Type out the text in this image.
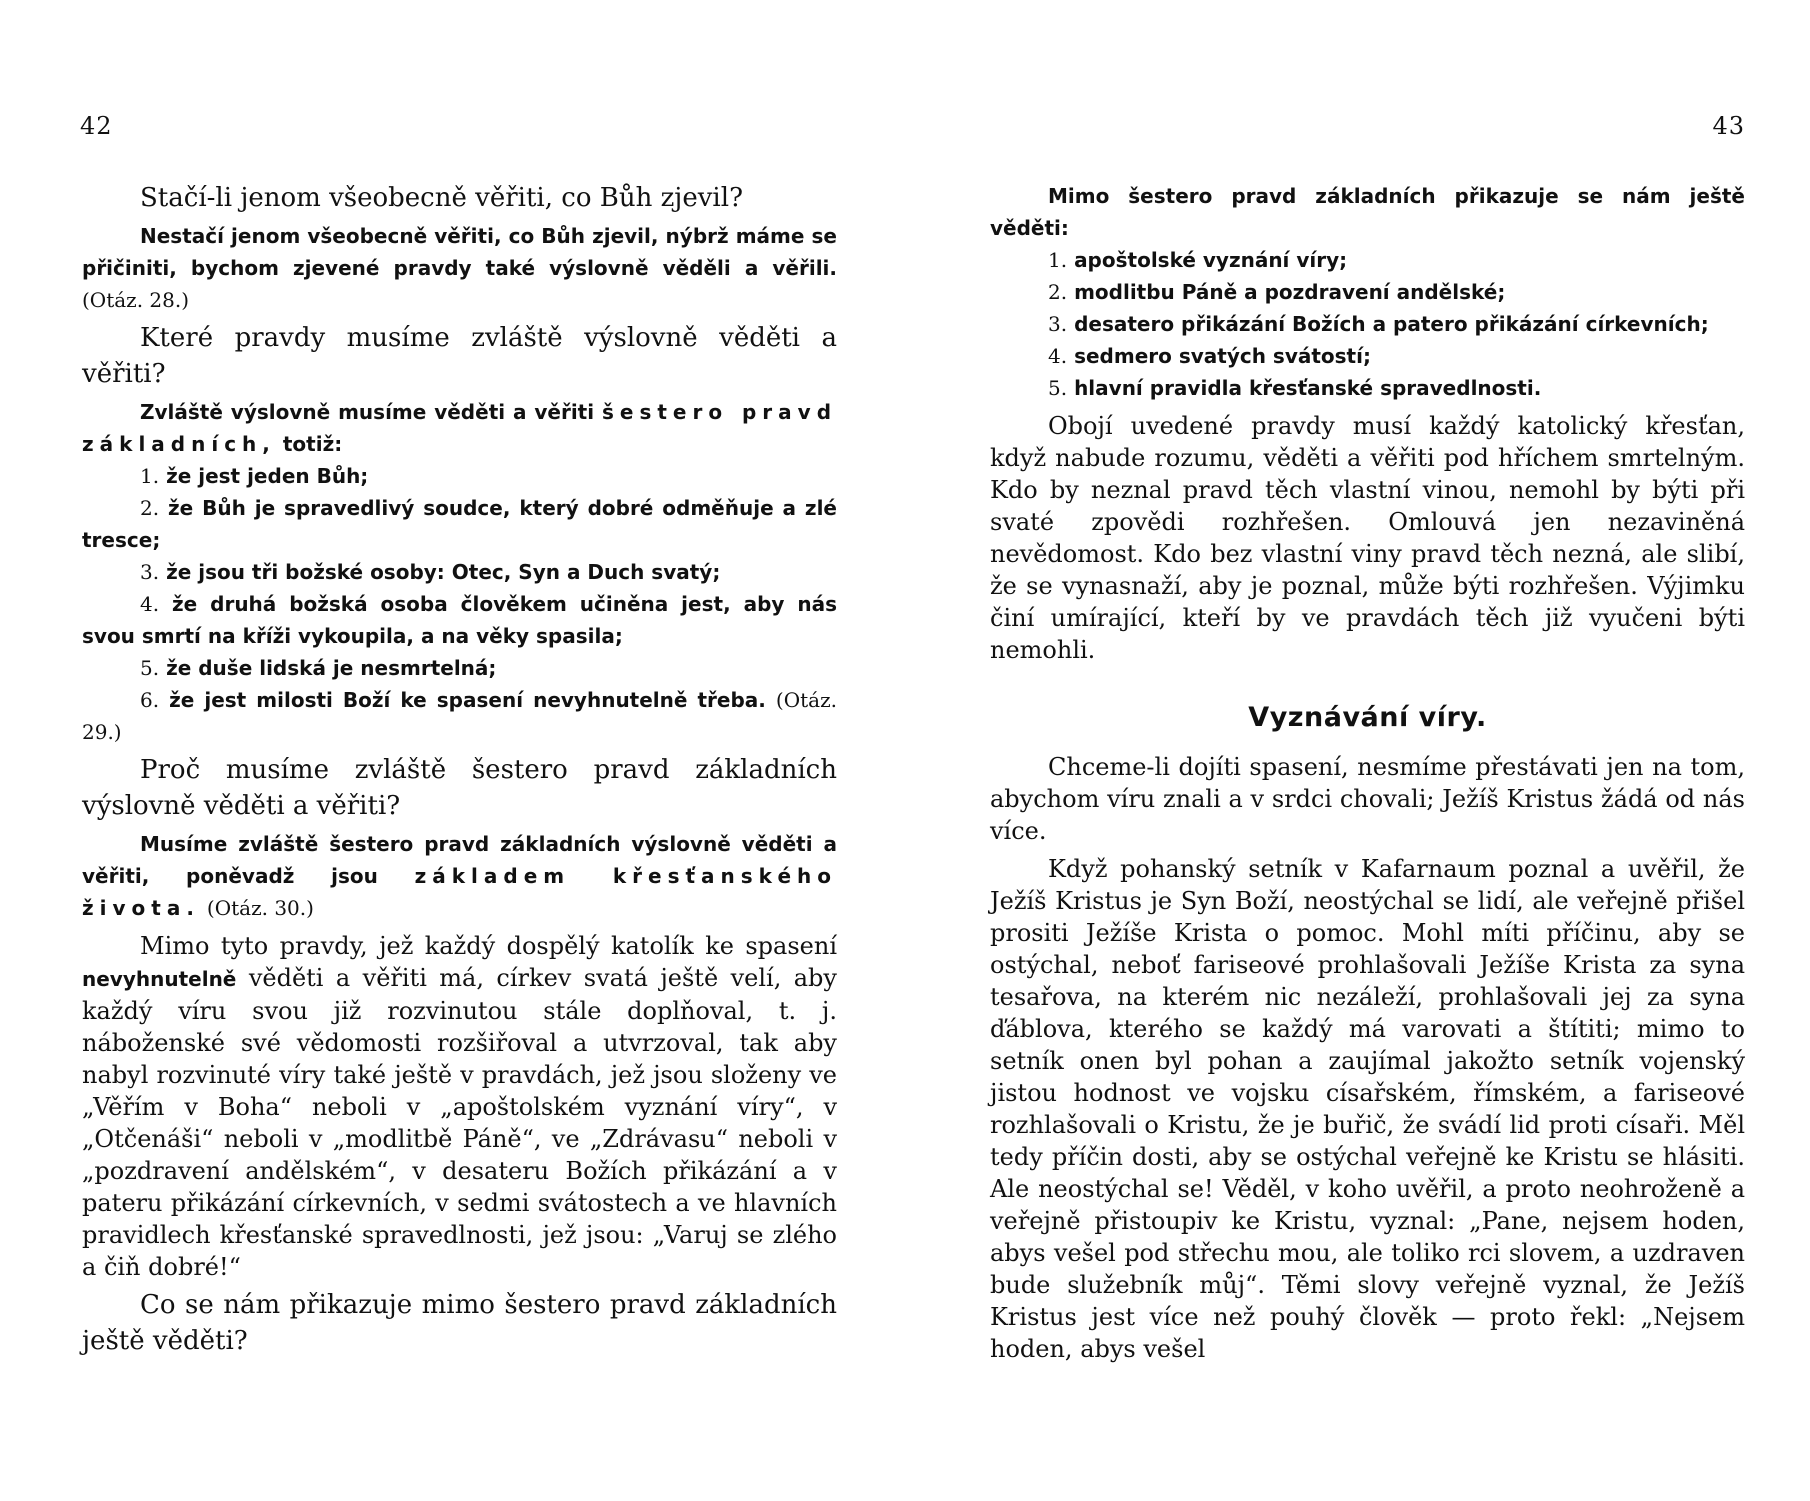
42

Stačí-li jenom všeobecně věřiti, co Bůh zjevil?

Nestačí jenom všeobecně věřiti, co Bůh zjevil, nýbrž máme se přičiniti, bychom zjevené pravdy také výslovně věděli a věřili. (Otáz. 28.)

Které pravdy musíme zvláště výslovně věděti a věřiti?

Zvláště výslovně musíme věděti a věřiti šestero pravd základních, totiž:

1. že jest jeden Bůh;
2. že Bůh je spravedlivý soudce, který dobré odměňuje a zlé tresce;
3. že jsou tři božské osoby: Otec, Syn a Duch svatý;
4. že druhá božská osoba člověkem učiněna jest, aby nás svou smrtí na kříži vykoupila, a na věky spasila;
5. že duše lidská je nesmrtelná;
6. že jest milosti Boží ke spasení nevyhnutelně třeba. (Otáz. 29.)

Proč musíme zvláště šestero pravd základních výslovně věděti a věřiti?

Musíme zvláště šestero pravd základních výslovně věděti a věřiti, poněvadž jsou základem křesťanského života. (Otáz. 30.)

Mimo tyto pravdy, jež každý dospělý katolík ke spasení nevyhnutelně věděti a věřiti má, církev svatá ještě velí, aby každý víru svou již rozvinutou stále doplňoval, t. j. náboženské své vědomosti rozšiřoval a utvrzoval, tak aby nabyl rozvinuté víry také ještě v pravdách, jež jsou složeny ve „Věřím v Boha“ neboli v „apoštolském vyznání víry“, v „Otčenáši“ neboli v „modlitbě Páně“, ve „Zdrávasu“ neboli v „pozdravení andělském“, v desateru Božích přikázání a v pateru přikázání církevních, v sedmi svátostech a ve hlavních pravidlech křesťanské spravedlnosti, jež jsou: „Varuj se zlého a čiň dobré!“

Co se nám přikazuje mimo šestero pravd základních ještě věděti?

43

Mimo šestero pravd základních přikazuje se nám ještě věděti:

1. apoštolské vyznání víry;
2. modlitbu Páně a pozdravení andělské;
3. desatero přikázání Božích a patero přikázání církevních;
4. sedmero svatých svátostí;
5. hlavní pravidla křesťanské spravedlnosti.

Obojí uvedené pravdy musí každý katolický křesťan, když nabude rozumu, věděti a věřiti pod hříchem smrtelným. Kdo by neznal pravd těch vlastní vinou, nemohl by býti při svaté zpovědi rozhřešen. Omlouvá jen nezaviněná nevědomost. Kdo bez vlastní viny pravd těch nezná, ale slibí, že se vynasnaží, aby je poznal, může býti rozhřešen. Výjimku činí umírající, kteří by ve pravdách těch již vyučeni býti nemohli.

Vyznávání víry.

Chceme-li dojíti spasení, nesmíme přestávati jen na tom, abychom víru znali a v srdci chovali; Ježíš Kristus žádá od nás více.

Když pohanský setník v Kafarnaum poznal a uvěřil, že Ježíš Kristus je Syn Boží, neostýchal se lidí, ale veřejně přišel prositi Ježíše Krista o pomoc. Mohl míti příčinu, aby se ostýchal, neboť fariseové prohlašovali Ježíše Krista za syna tesařova, na kterém nic nezáleží, prohlašovali jej za syna ďáblova, kterého se každý má varovati a štítiti; mimo to setník onen byl pohan a zaujímal jakožto setník vojenský jistou hodnost ve vojsku císařském, římském, a fariseové rozhlašovali o Kristu, že je buřič, že svádí lid proti císaři. Měl tedy příčin dosti, aby se ostýchal veřejně ke Kristu se hlásiti. Ale neostýchal se! Věděl, v koho uvěřil, a proto neohroženě a veřejně přistoupiv ke Kristu, vyznal: „Pane, nejsem hoden, abys vešel pod střechu mou, ale toliko rci slovem, a uzdraven bude služebník můj“. Těmi slovy veřejně vyznal, že Ježíš Kristus jest více než pouhý člověk — proto řekl: „Nejsem hoden, abys vešel
